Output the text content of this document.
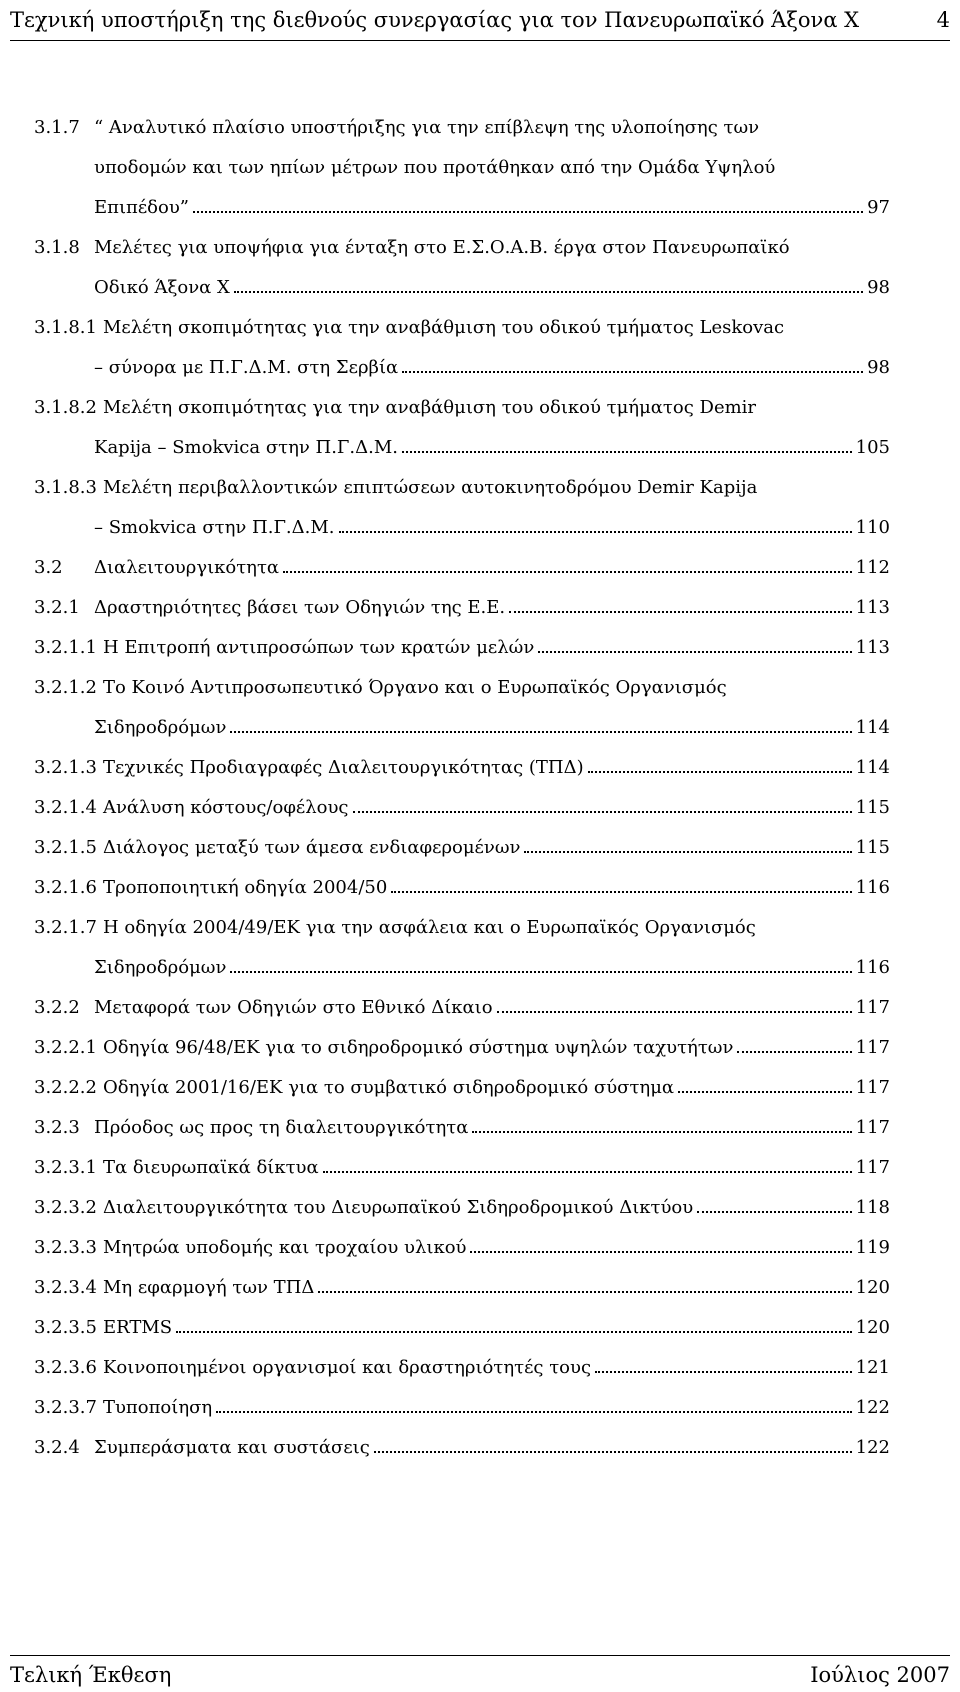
Τεχνική υποστήριξη της διεθνούς συνεργασίας για τον Πανευρωπαϊκό Άξονα Χ	4
3.1.7 “ Αναλυτικό πλαίσιο υποστήριξης για την επίβλεψη της υλοποίησης των
υποδομών και των ηπίων μέτρων που προτάθηκαν από την Ομάδα Υψηλού
Επιπέδου”	97
3.1.8 Μελέτες για υποψήφια για ένταξη στο Ε.Σ.Ο.Α.Β. έργα στον Πανευρωπαϊκό
Οδικό Άξονα Χ	98
3.1.8.1 Μελέτη σκοπιμότητας για την αναβάθμιση του οδικού τμήματος Leskovac
– σύνορα με Π.Γ.Δ.Μ. στη Σερβία	98
3.1.8.2 Μελέτη σκοπιμότητας για την αναβάθμιση του οδικού τμήματος Demir
Kapija – Smokvica στην Π.Γ.Δ.Μ.	105
3.1.8.3 Μελέτη περιβαλλοντικών επιπτώσεων αυτοκινητοδρόμου Demir Kapija
– Smokvica στην Π.Γ.Δ.Μ.	110
3.2	Διαλειτουργικότητα	112
3.2.1 Δραστηριότητες βάσει των Οδηγιών της Ε.Ε.	113
3.2.1.1 Η Επιτροπή αντιπροσώπων των κρατών μελών	113
3.2.1.2 Το Κοινό Αντιπροσωπευτικό Όργανο και ο Ευρωπαϊκός Οργανισμός
Σιδηροδρόμων	114
3.2.1.3 Τεχνικές Προδιαγραφές Διαλειτουργικότητας (ΤΠΔ)	114
3.2.1.4 Ανάλυση κόστους/οφέλους	115
3.2.1.5 Διάλογος μεταξύ των άμεσα ενδιαφερομένων	115
3.2.1.6 Τροποποιητική οδηγία 2004/50	116
3.2.1.7 Η οδηγία 2004/49/ΕΚ για την ασφάλεια και ο Ευρωπαϊκός Οργανισμός
Σιδηροδρόμων	116
3.2.2 Μεταφορά των Οδηγιών στο Εθνικό Δίκαιο	117
3.2.2.1 Οδηγία 96/48/ΕΚ για το σιδηροδρομικό σύστημα υψηλών ταχυτήτων	117
3.2.2.2 Οδηγία 2001/16/ΕΚ για το συμβατικό σιδηροδρομικό σύστημα	117
3.2.3 Πρόοδος ως προς τη διαλειτουργικότητα	117
3.2.3.1 Τα διευρωπαϊκά δίκτυα	117
3.2.3.2 Διαλειτουργικότητα του Διευρωπαϊκού Σιδηροδρομικού Δικτύου	118
3.2.3.3 Μητρώα υποδομής και τροχαίου υλικού	119
3.2.3.4 Μη εφαρμογή των ΤΠΔ	120
3.2.3.5 ERTMS	120
3.2.3.6 Κοινοποιημένοι οργανισμοί και δραστηριότητές τους	121
3.2.3.7 Τυποποίηση	122
3.2.4 Συμπεράσματα και συστάσεις	122
Τελική Έκθεση	Ιούλιος 2007
